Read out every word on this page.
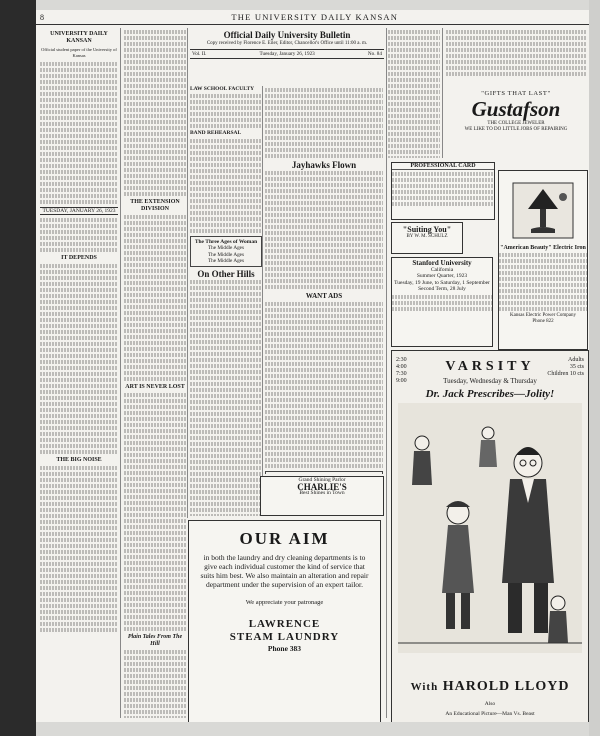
8	THE UNIVERSITY DAILY KANSAN
UNIVERSITY DAILY KANSAN
Official student paper of the University of Kansas
TUESDAY, JANUARY 26, 1923
IT DEPENDS
THE BIG NOISE
THE EXTENSION DIVISION
ART IS NEVER LOST
Plain Tales From The Hill
Official Daily University Bulletin
Copy received by Florence E. Eiler, Editor, Chancellor's Office until 11:00 a. m.
Vol. II.	Tuesday, January 26, 1923	No. 84
LAW SCHOOL FACULTY
BAND REHEARSAL
The Three Ages of Woman
The Middle Ages
The Middle Ages
The Middle Ages
On Other Hills
Jayhawks Flown
WANT ADS
"GIFTS THAT LAST"
Gustafson
THE COLLEGE JEWELER
WE LIKE TO DO LITTLE JOBS OF REPAIRING
PROFESSIONAL CARD
"Suiting You"
BY W. M. SCHULZ
Stanford University
California
Summer Quarter, 1923
Tuesday, 19 June, to Saturday, 1 September
Second Term, 28 July
"American Beauty" Electric Iron
Kansas Electric Power Company
Phone 822
Grand Shining Parlor
CHARLIE'S
Best Shines in Town
OUR AIM
in both the laundry and dry cleaning departments is to give each individual customer the kind of service that suits him best. We also maintain an alteration and repair department under the supervision of an expert tailor.
We appreciate your patronage
LAWRENCE
STEAM LAUNDRY
Phone 383
2:30
4:00
7:30
9:00
Adults
35 cts
Children 10 cts
VARSITY
Tuesday, Wednesday & Thursday
Dr. Jack Prescribes—Jolity!
With HAROLD LLOYD
Also
An Educational Picture—Man Vs. Beast
